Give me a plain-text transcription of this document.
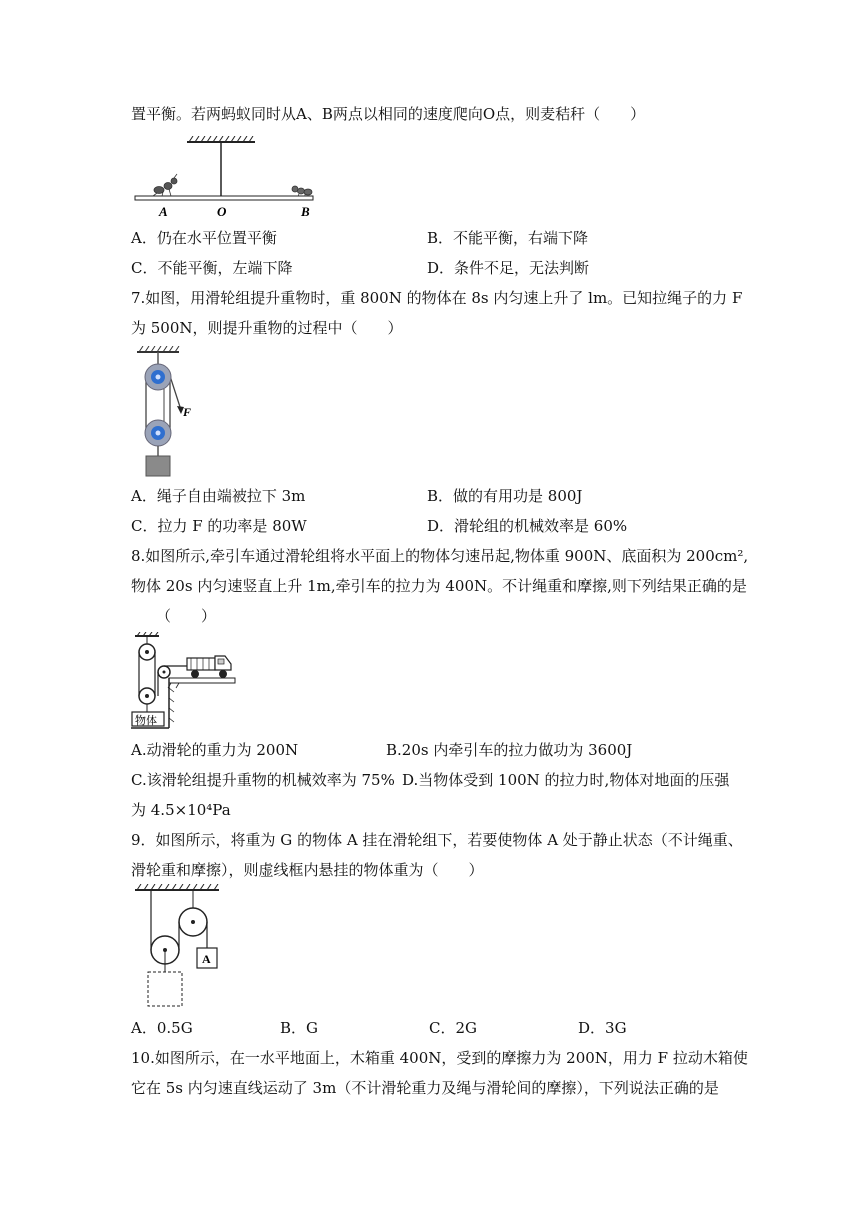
置平衡。若两蚂蚁同时从A、B两点以相同的速度爬向O点，则麦秸秆（　　）
A	O	B
A．仍在水平位置平衡	B．不能平衡，右端下降
C．不能平衡，左端下降	D．条件不足，无法判断
7.如图，用滑轮组提升重物时，重 800N 的物体在 8s 内匀速上升了 lm。已知拉绳子的力 F
为 500N，则提升重物的过程中（　　）
F
A．绳子自由端被拉下 3m	B．做的有用功是 800J
C．拉力 F 的功率是 80W	D．滑轮组的机械效率是 60%
8.如图所示,牵引车通过滑轮组将水平面上的物体匀速吊起,物体重 900N、底面积为 200cm²,
物体 20s 内匀速竖直上升 1m,牵引车的拉力为 400N。不计绳重和摩擦,则下列结果正确的是
（　　）
物体
A.动滑轮的重力为 200N	B.20s 内牵引车的拉力做功为 3600J
C.该滑轮组提升重物的机械效率为 75% D.当物体受到 100N 的拉力时,物体对地面的压强
为 4.5×10⁴Pa
9．如图所示，将重为 G 的物体 A 挂在滑轮组下，若要使物体 A 处于静止状态（不计绳重、
滑轮重和摩擦），则虚线框内悬挂的物体重为（　　）
A
A．0.5G	B．G	C．2G	D．3G
10.如图所示，在一水平地面上，木箱重 400N，受到的摩擦力为 200N，用力 F 拉动木箱使
它在 5s 内匀速直线运动了 3m（不计滑轮重力及绳与滑轮间的摩擦），下列说法正确的是
